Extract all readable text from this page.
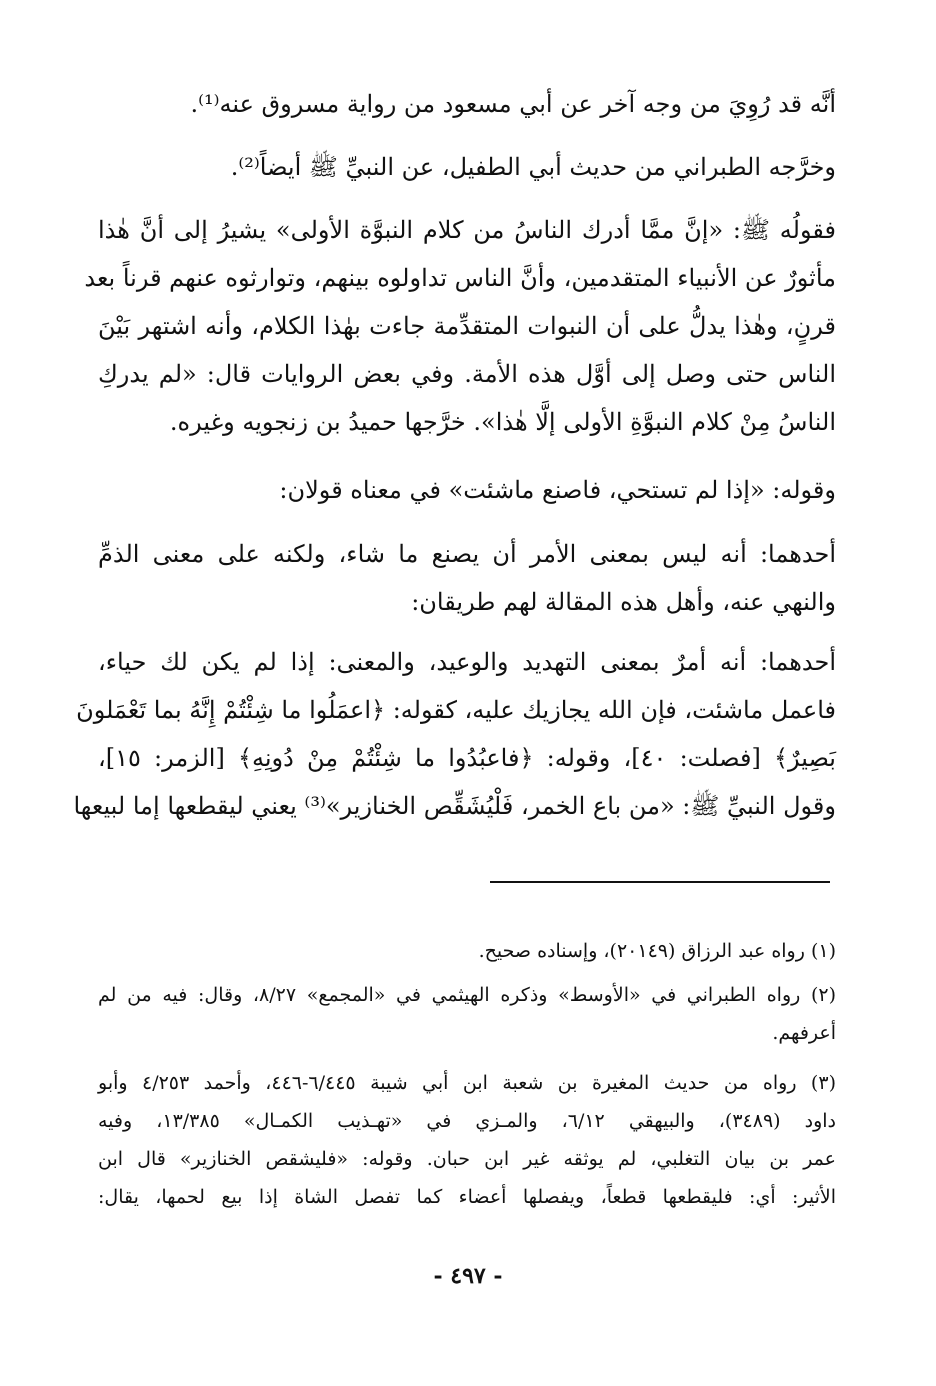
أنَّه قد رُوِيَ من وجه آخر عن أبي مسعود من رواية مسروق عنه⁽¹⁾.
وخرَّجه الطبراني من حديث أبي الطفيل، عن النبيِّ ﷺ أيضاً⁽²⁾.
فقولُه ﷺ: «إنَّ ممَّا أدرك الناسُ من كلام النبوَّة الأولى» يشيرُ إلى أنَّ هٰذا
مأثورٌ عن الأنبياء المتقدمين، وأنَّ الناس تداولوه بينهم، وتوارثوه عنهم قرناً بعد
قرنٍ، وهٰذا يدلُّ على أن النبوات المتقدِّمة جاءت بهٰذا الكلام، وأنه اشتهر بَيْنَ
الناس حتى وصل إلى أوَّل هذه الأمة. وفي بعض الروايات قال: «لم يدركِ
الناسُ مِنْ كلام النبوَّةِ الأولى إلَّا هٰذا». خرَّجها حميدُ بن زنجويه وغيره.
وقوله: «إذا لم تستحي، فاصنع ماشئت» في معناه قولان:
أحدهما: أنه ليس بمعنى الأمر أن يصنع ما شاء، ولكنه على معنى الذمِّ
والنهي عنه، وأهل هذه المقالة لهم طريقان:
أحدهما: أنه أمرٌ بمعنى التهديد والوعيد، والمعنى: إذا لم يكن لك حياء،
فاعمل ماشئت، فإن الله يجازيك عليه، كقوله: ﴿اعمَلُوا ما شِئْتُمْ إِنَّهُ بما تَعْمَلونَ
بَصِيرٌ﴾ [فصلت: ٤٠]، وقوله: ﴿فاعبُدُوا ما شِئْتُمْ مِنْ دُونِهِ﴾ [الزمر: ١٥]،
وقول النبيِّ ﷺ: «من باع الخمر، فَلْيُشَقِّص الخنازير»⁽³⁾ يعني ليقطعها إما لبيعها
(١) رواه عبد الرزاق (٢٠١٤٩)، وإسناده صحيح.
(٢) رواه الطبراني في «الأوسط» وذكره الهيثمي في «المجمع» ٨/٢٧، وقال: فيه من لم
أعرفهم.
(٣) رواه من حديث المغيرة بن شعبة ابن أبي شيبة ٦/٤٤٥-٤٤٦، وأحمد ٤/٢٥٣ وأبو
داود (٣٤٨٩)، والبيهقي ٦/١٢، والمـزي في «تهـذيب الكمـال» ١٣/٣٨٥، وفيه
عمر بن بيان التغلبي، لم يوثقه غير ابن حبان. وقوله: «فليشقص الخنازير» قال ابن
الأثير: أي: فليقطعها قطعاً، ويفصلها أعضاء كما تفصل الشاة إذا بيع لحمها، يقال:
- ٤٩٧ -
